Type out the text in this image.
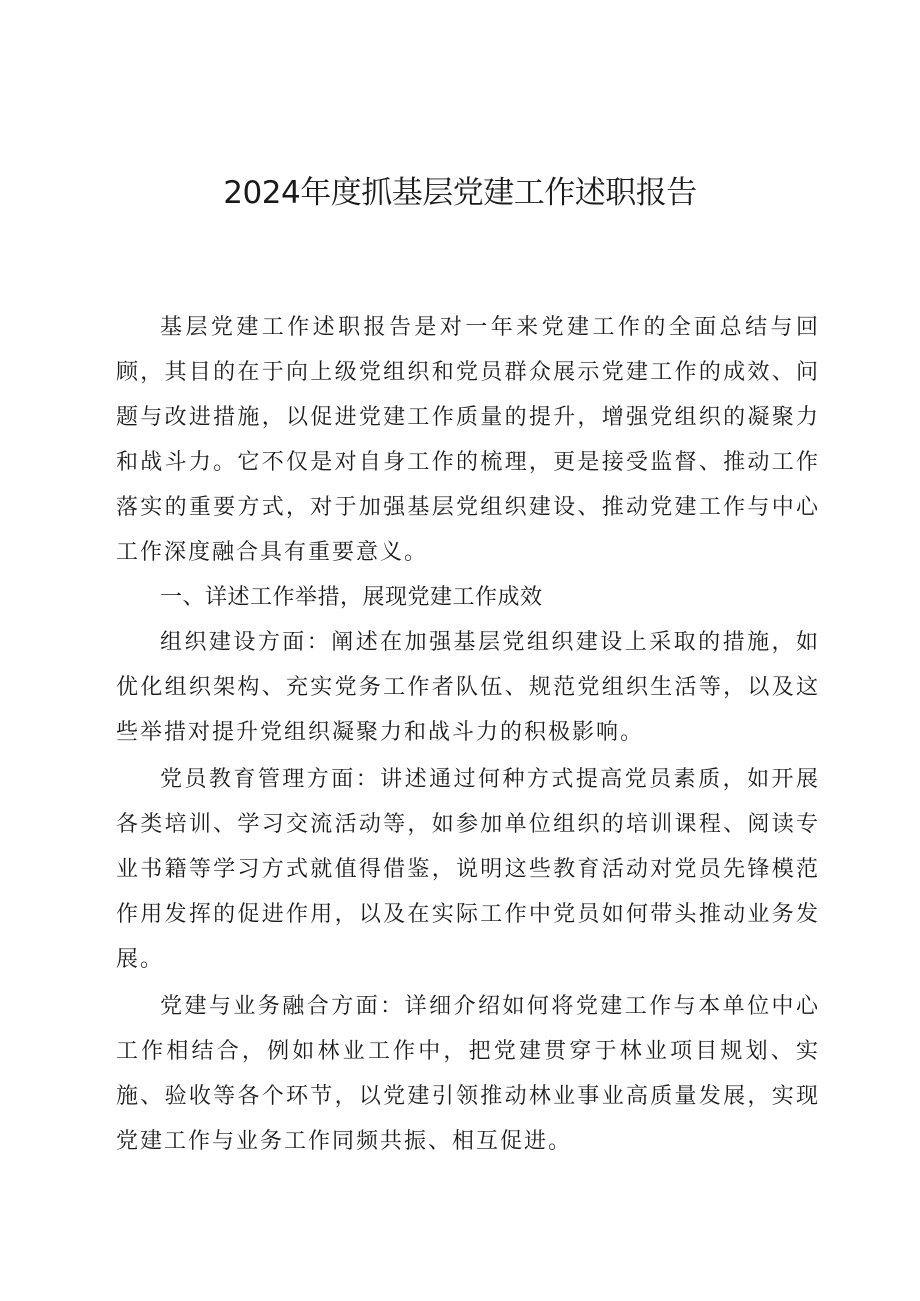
2024年度抓基层党建工作述职报告

基层党建工作述职报告是对一年来党建工作的全面总结与回顾，其目的在于向上级党组织和党员群众展示党建工作的成效、问题与改进措施，以促进党建工作质量的提升，增强党组织的凝聚力和战斗力。它不仅是对自身工作的梳理，更是接受监督、推动工作落实的重要方式，对于加强基层党组织建设、推动党建工作与中心工作深度融合具有重要意义。

一、详述工作举措，展现党建工作成效

组织建设方面：阐述在加强基层党组织建设上采取的措施，如优化组织架构、充实党务工作者队伍、规范党组织生活等，以及这些举措对提升党组织凝聚力和战斗力的积极影响。

党员教育管理方面：讲述通过何种方式提高党员素质，如开展各类培训、学习交流活动等，如参加单位组织的培训课程、阅读专业书籍等学习方式就值得借鉴，说明这些教育活动对党员先锋模范作用发挥的促进作用，以及在实际工作中党员如何带头推动业务发展。

党建与业务融合方面：详细介绍如何将党建工作与本单位中心工作相结合，例如林业工作中，把党建贯穿于林业项目规划、实施、验收等各个环节，以党建引领推动林业事业高质量发展，实现党建工作与业务工作同频共振、相互促进。
